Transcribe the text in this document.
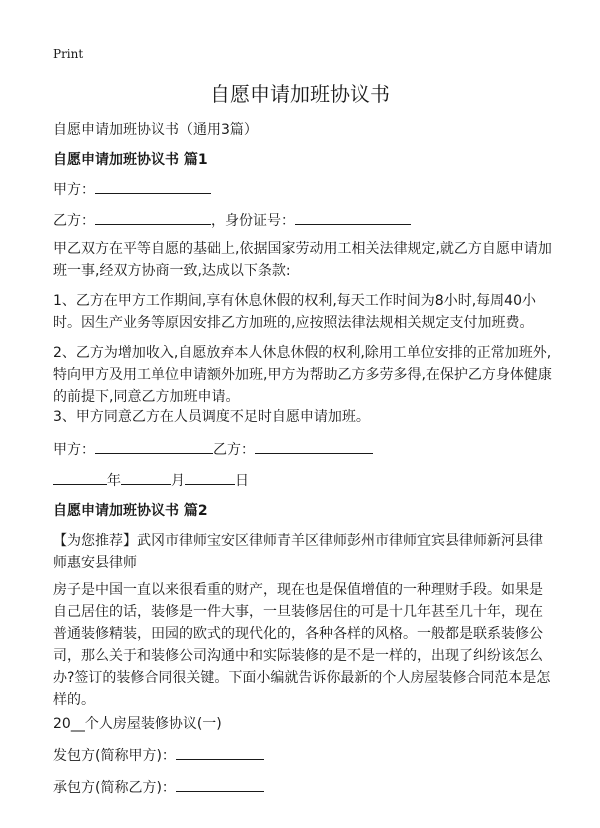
Print
自愿申请加班协议书
自愿申请加班协议书（通用3篇）
自愿申请加班协议书 篇1
甲方：
乙方：	，身份证号：
甲乙双方在平等自愿的基础上,依据国家劳动用工相关法律规定,就乙方自愿申请加班一事,经双方协商一致,达成以下条款:
1、乙方在甲方工作期间,享有休息休假的权利,每天工作时间为8小时,每周40小时。因生产业务等原因安排乙方加班的,应按照法律法规相关规定支付加班费。
2、乙方为增加收入,自愿放弃本人休息休假的权利,除用工单位安排的正常加班外,特向甲方及用工单位申请额外加班,甲方为帮助乙方多劳多得,在保护乙方身体健康的前提下,同意乙方加班申请。
3、甲方同意乙方在人员调度不足时自愿申请加班。
甲方：	乙方：
年	月	日
自愿申请加班协议书 篇2
【为您推荐】武冈市律师宝安区律师青羊区律师彭州市律师宜宾县律师新河县律师惠安县律师
房子是中国一直以来很看重的财产，现在也是保值增值的一种理财手段。如果是自己居住的话，装修是一件大事，一旦装修居住的可是十几年甚至几十年，现在普通装修精装，田园的欧式的现代化的，各种各样的风格。一般都是联系装修公司，那么关于和装修公司沟通中和实际装修的是不是一样的，出现了纠纷该怎么办?签订的装修合同很关键。下面小编就告诉你最新的个人房屋装修合同范本是怎样的。
20__个人房屋装修协议(一)
发包方(简称甲方)：
承包方(简称乙方)：
